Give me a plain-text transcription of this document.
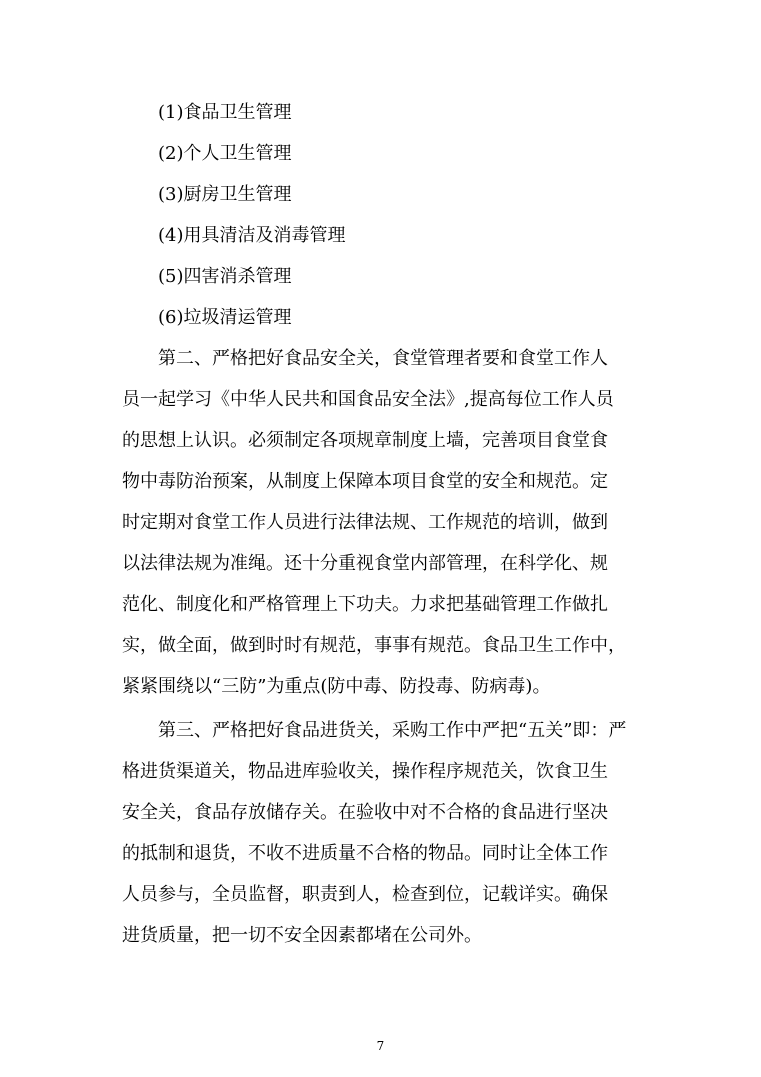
(1)食品卫生管理
(2)个人卫生管理
(3)厨房卫生管理
(4)用具清洁及消毒管理
(5)四害消杀管理
(6)垃圾清运管理
第二、严格把好食品安全关，食堂管理者要和食堂工作人
员一起学习《中华人民共和国食品安全法》,提高每位工作人员
的思想上认识。必须制定各项规章制度上墙，完善项目食堂食
物中毒防治预案，从制度上保障本项目食堂的安全和规范。定
时定期对食堂工作人员进行法律法规、工作规范的培训，做到
以法律法规为准绳。还十分重视食堂内部管理，在科学化、规
范化、制度化和严格管理上下功夫。力求把基础管理工作做扎
实，做全面，做到时时有规范，事事有规范。食品卫生工作中，
紧紧围绕以“三防”为重点(防中毒、防投毒、防病毒)。
第三、严格把好食品进货关，采购工作中严把“五关”即：严
格进货渠道关，物品进库验收关，操作程序规范关，饮食卫生
安全关，食品存放储存关。在验收中对不合格的食品进行坚决
的抵制和退货，不收不进质量不合格的物品。同时让全体工作
人员参与，全员监督，职责到人，检查到位，记载详实。确保
进货质量，把一切不安全因素都堵在公司外。
7
